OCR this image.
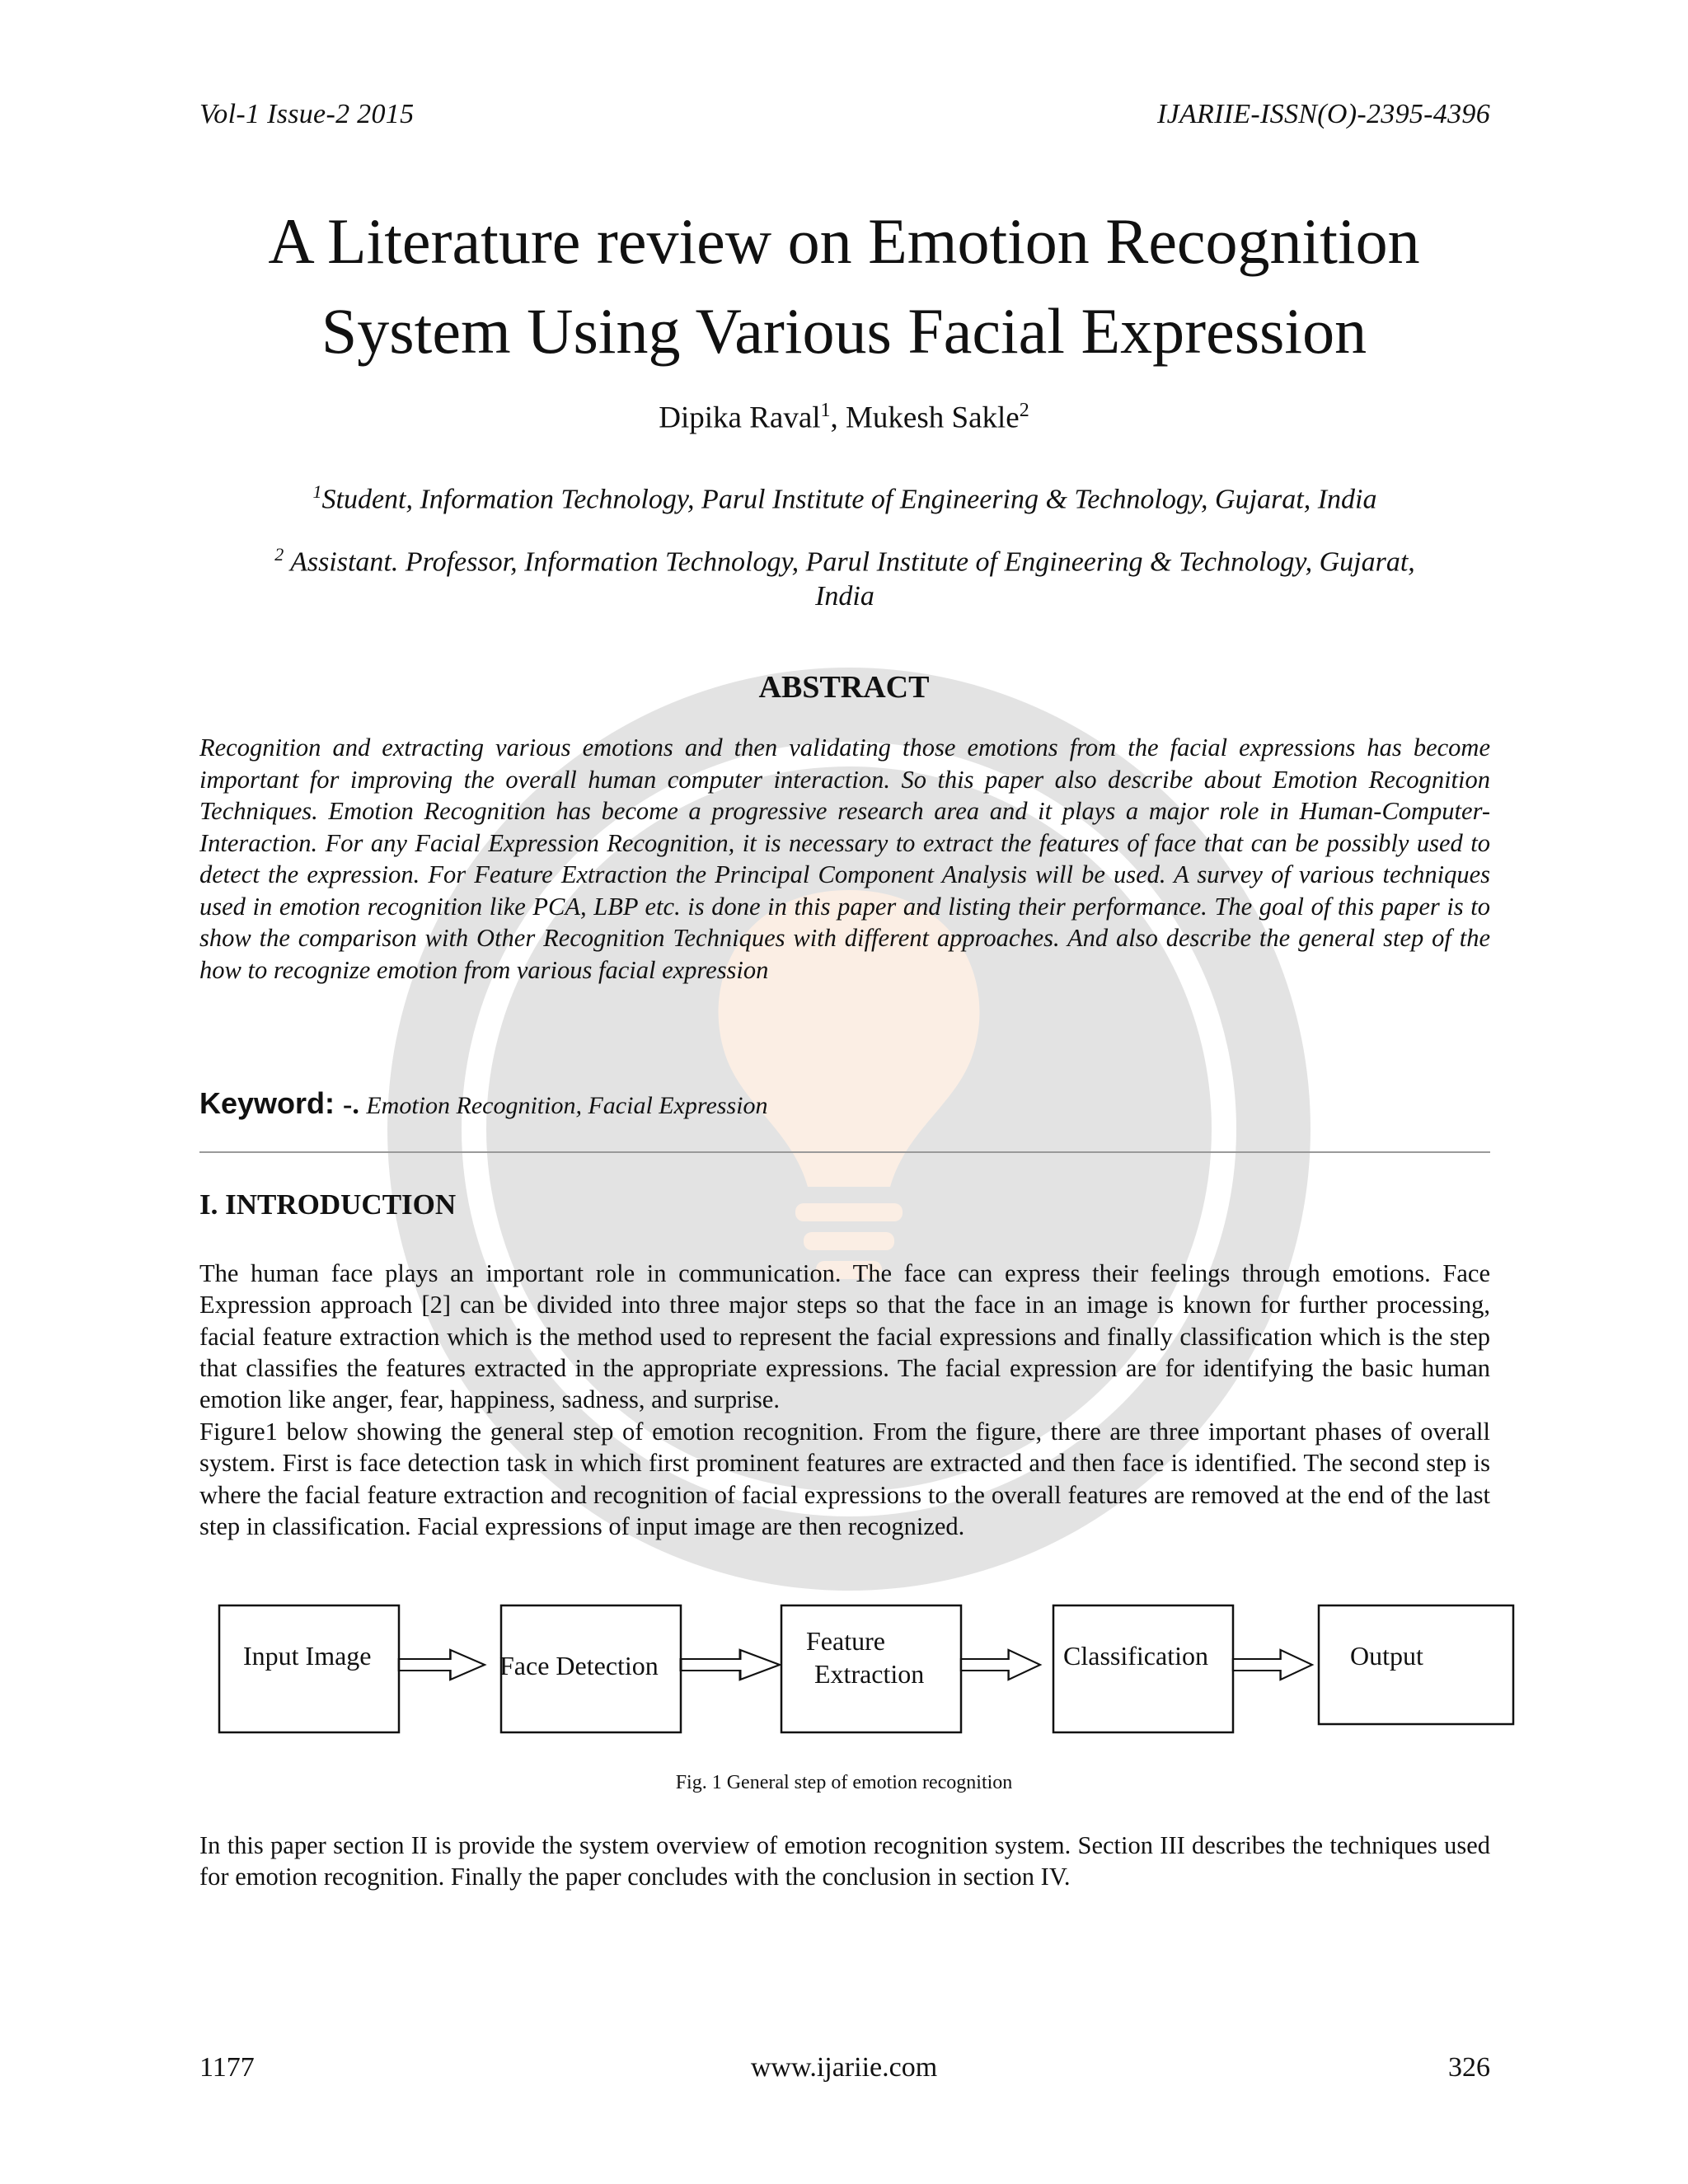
Vol-1 Issue-2 2015	IJARIIE-ISSN(O)-2395-4396
A Literature review on Emotion Recognition
System Using Various Facial Expression
Dipika Raval$^1$, Mukesh Sakle$^2$
$^1$Student, Information Technology, Parul Institute of Engineering & Technology, Gujarat, India
$^2$ Assistant. Professor, Information Technology, Parul Institute of Engineering & Technology, Gujarat,
India
ABSTRACT
Recognition and extracting various emotions and then validating those emotions from the facial expressions has become important for improving the overall human computer interaction. So this paper also describe about Emotion Recognition Techniques. Emotion Recognition has become a progressive research area and it plays a major role in Human-Computer-Interaction. For any Facial Expression Recognition, it is necessary to extract the features of face that can be possibly used to detect the expression. For Feature Extraction the Principal Component Analysis will be used. A survey of various techniques used in emotion recognition like PCA, LBP etc. is done in this paper and listing their performance. The goal of this paper is to show the comparison with Other Recognition Techniques with different approaches. And also describe the general step of the how to recognize emotion from various facial expression
Keyword: -. Emotion Recognition, Facial Expression
I. INTRODUCTION
The human face plays an important role in communication. The face can express their feelings through emotions. Face Expression approach [2] can be divided into three major steps so that the face in an image is known for further processing, facial feature extraction which is the method used to represent the facial expressions and finally classification which is the step that classifies the features extracted in the appropriate expressions. The facial expression are for identifying the basic human emotion like anger, fear, happiness, sadness, and surprise.
Figure1 below showing the general step of emotion recognition. From the figure, there are three important phases of overall system. First is face detection task in which first prominent features are extracted and then face is identified. The second step is where the facial feature extraction and recognition of facial expressions to the overall features are removed at the end of the last step in classification. Facial expressions of input image are then recognized.
Input Image	Face Detection
Feature
Extraction
Classification	Output
Fig. 1 General step of emotion recognition
In this paper section II is provide the system overview of emotion recognition system. Section III describes the techniques used for emotion recognition. Finally the paper concludes with the conclusion in section IV.
1177	www.ijariie.com	326
